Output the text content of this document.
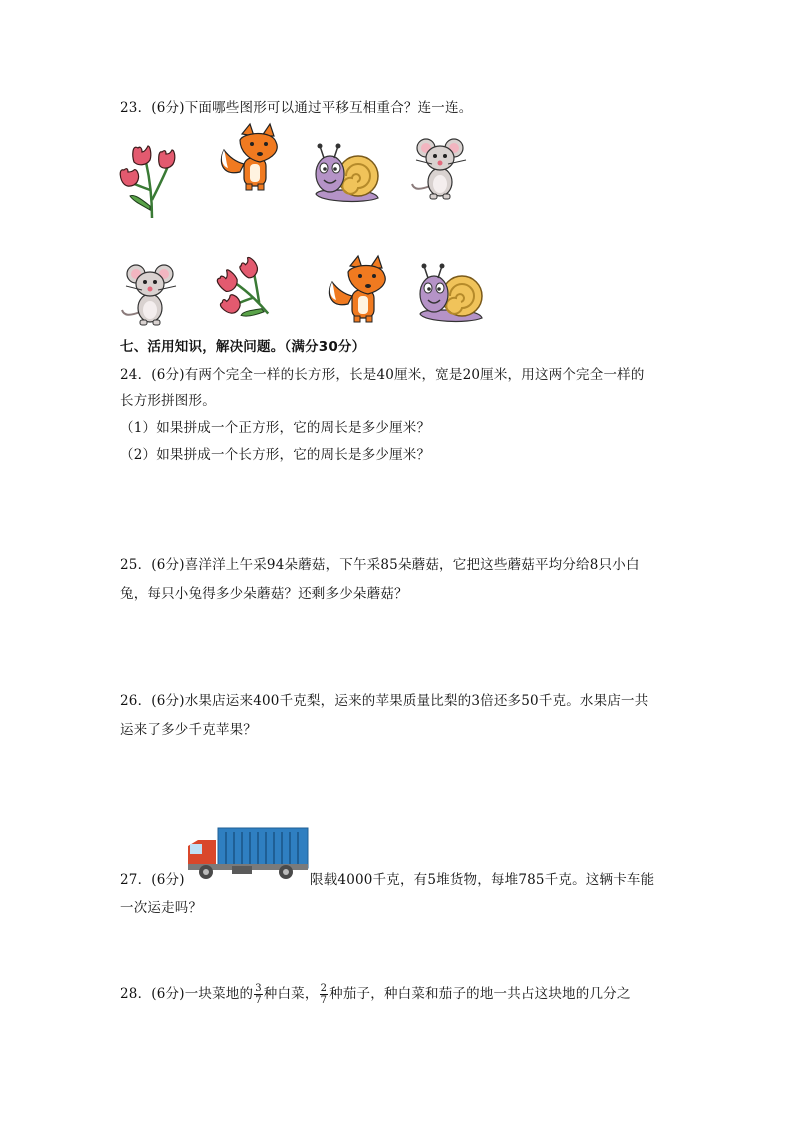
23．(6分)下面哪些图形可以通过平移互相重合？连一连。
七、活用知识，解决问题。（满分30分）
24．(6分)有两个完全一样的长方形，长是40厘米，宽是20厘米，用这两个完全一样的
长方形拼图形。
（1）如果拼成一个正方形，它的周长是多少厘米？
（2）如果拼成一个长方形，它的周长是多少厘米？
25．(6分)喜洋洋上午采94朵蘑菇，下午采85朵蘑菇，它把这些蘑菇平均分给8只小白
兔，每只小兔得多少朵蘑菇？还剩多少朵蘑菇？
26．(6分)水果店运来400千克梨，运来的苹果质量比梨的3倍还多50千克。水果店一共
运来了多少千克苹果？
27．(6分)	限载4000千克，有5堆货物，每堆785千克。这辆卡车能
一次运走吗？
28．(6分)一块菜地的 $\frac{3}{7}$ 种白菜， $\frac{2}{7}$ 种茄子，种白菜和茄子的地一共占这块地的几分之
